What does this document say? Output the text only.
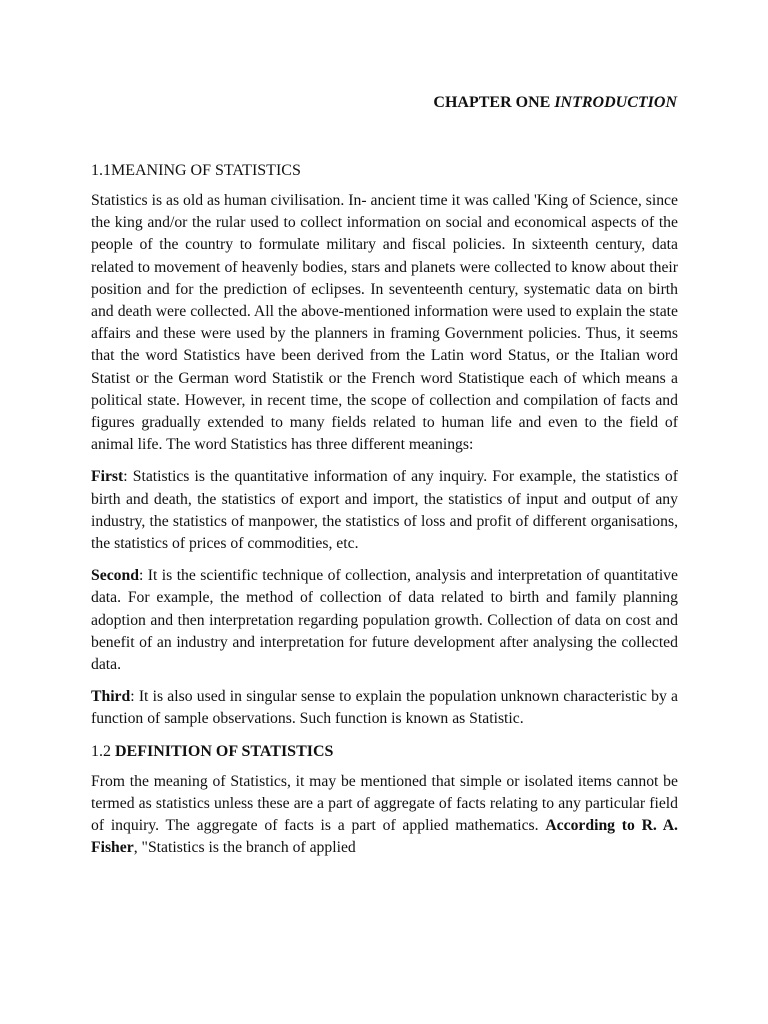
CHAPTER ONE INTRODUCTION

1.1MEANING OF STATISTICS

Statistics is as old as human civilisation. In- ancient time it was called 'King of Science, since the king and/or the rular used to collect information on social and economical aspects of the people of the country to formulate military and fiscal policies. In sixteenth century, data related to movement of heavenly bodies, stars and planets were collected to know about their position and for the prediction of eclipses. In seventeenth century, systematic data on birth and death were collected. All the above-mentioned information were used to explain the state affairs and these were used by the planners in framing Government policies. Thus, it seems that the word Statistics have been derived from the Latin word Status, or the Italian word Statist or the German word Statistik or the French word Statistique each of which means a political state. However, in recent time, the scope of collection and compilation of facts and figures gradually extended to many fields related to human life and even to the field of animal life. The word Statistics has three different meanings:

First: Statistics is the quantitative information of any inquiry. For example, the statistics of birth and death, the statistics of export and import, the statistics of input and output of any industry, the statistics of manpower, the statistics of loss and profit of different organisations, the statistics of prices of commodities, etc.

Second: It is the scientific technique of collection, analysis and interpretation of quantitative data. For example, the method of collection of data related to birth and family planning adoption and then interpretation regarding population growth. Collection of data on cost and benefit of an industry and interpretation for future development after analysing the collected data.

Third: It is also used in singular sense to explain the population unknown characteristic by a function of sample observations. Such function is known as Statistic.

1.2 DEFINITION OF STATISTICS

From the meaning of Statistics, it may be mentioned that simple or isolated items cannot be termed as statistics unless these are a part of aggregate of facts relating to any particular field of inquiry. The aggregate of facts is a part of applied mathematics. According to R. A. Fisher, "Statistics is the branch of applied
